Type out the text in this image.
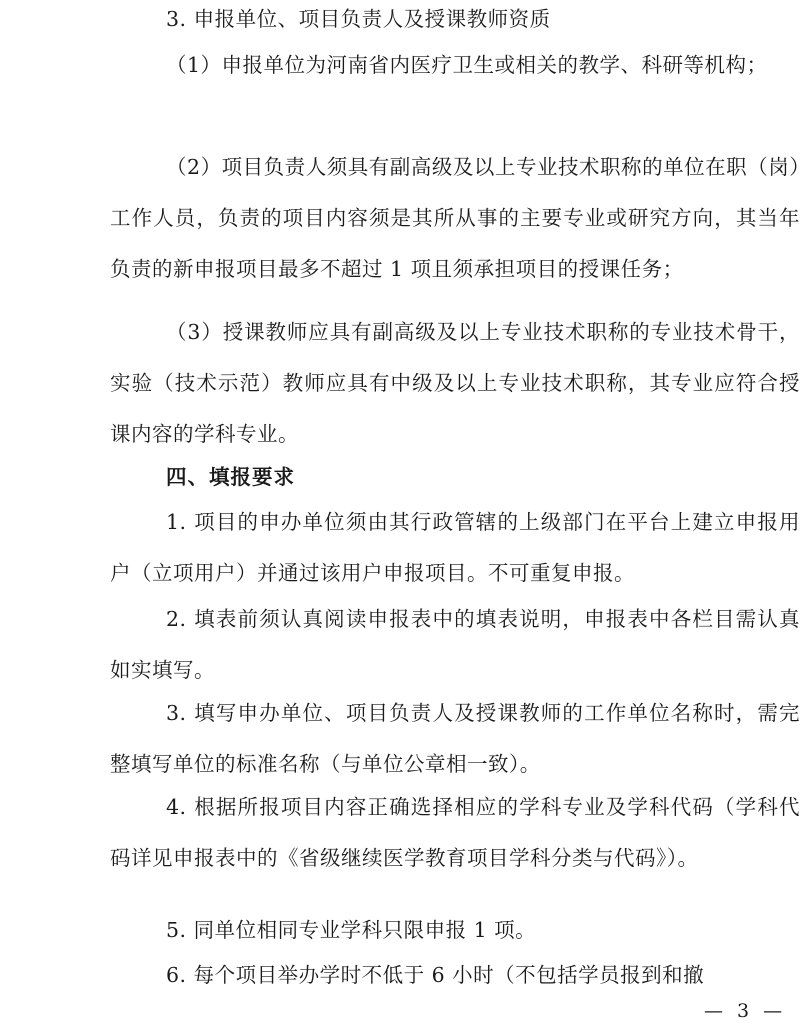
3. 申报单位、项目负责人及授课教师资质

（1）申报单位为河南省内医疗卫生或相关的教学、科研等机构；

（2）项目负责人须具有副高级及以上专业技术职称的单位在职（岗）工作人员，负责的项目内容须是其所从事的主要专业或研究方向，其当年负责的新申报项目最多不超过 1 项且须承担项目的授课任务；

（3）授课教师应具有副高级及以上专业技术职称的专业技术骨干，实验（技术示范）教师应具有中级及以上专业技术职称，其专业应符合授课内容的学科专业。

四、填报要求

1. 项目的申办单位须由其行政管辖的上级部门在平台上建立申报用户（立项用户）并通过该用户申报项目。不可重复申报。

2. 填表前须认真阅读申报表中的填表说明，申报表中各栏目需认真如实填写。

3. 填写申办单位、项目负责人及授课教师的工作单位名称时，需完整填写单位的标准名称（与单位公章相一致）。

4. 根据所报项目内容正确选择相应的学科专业及学科代码（学科代码详见申报表中的《省级继续医学教育项目学科分类与代码》）。

5. 同单位相同专业学科只限申报 1 项。

6. 每个项目举办学时不低于 6 小时（不包括学员报到和撤

— 3 —
